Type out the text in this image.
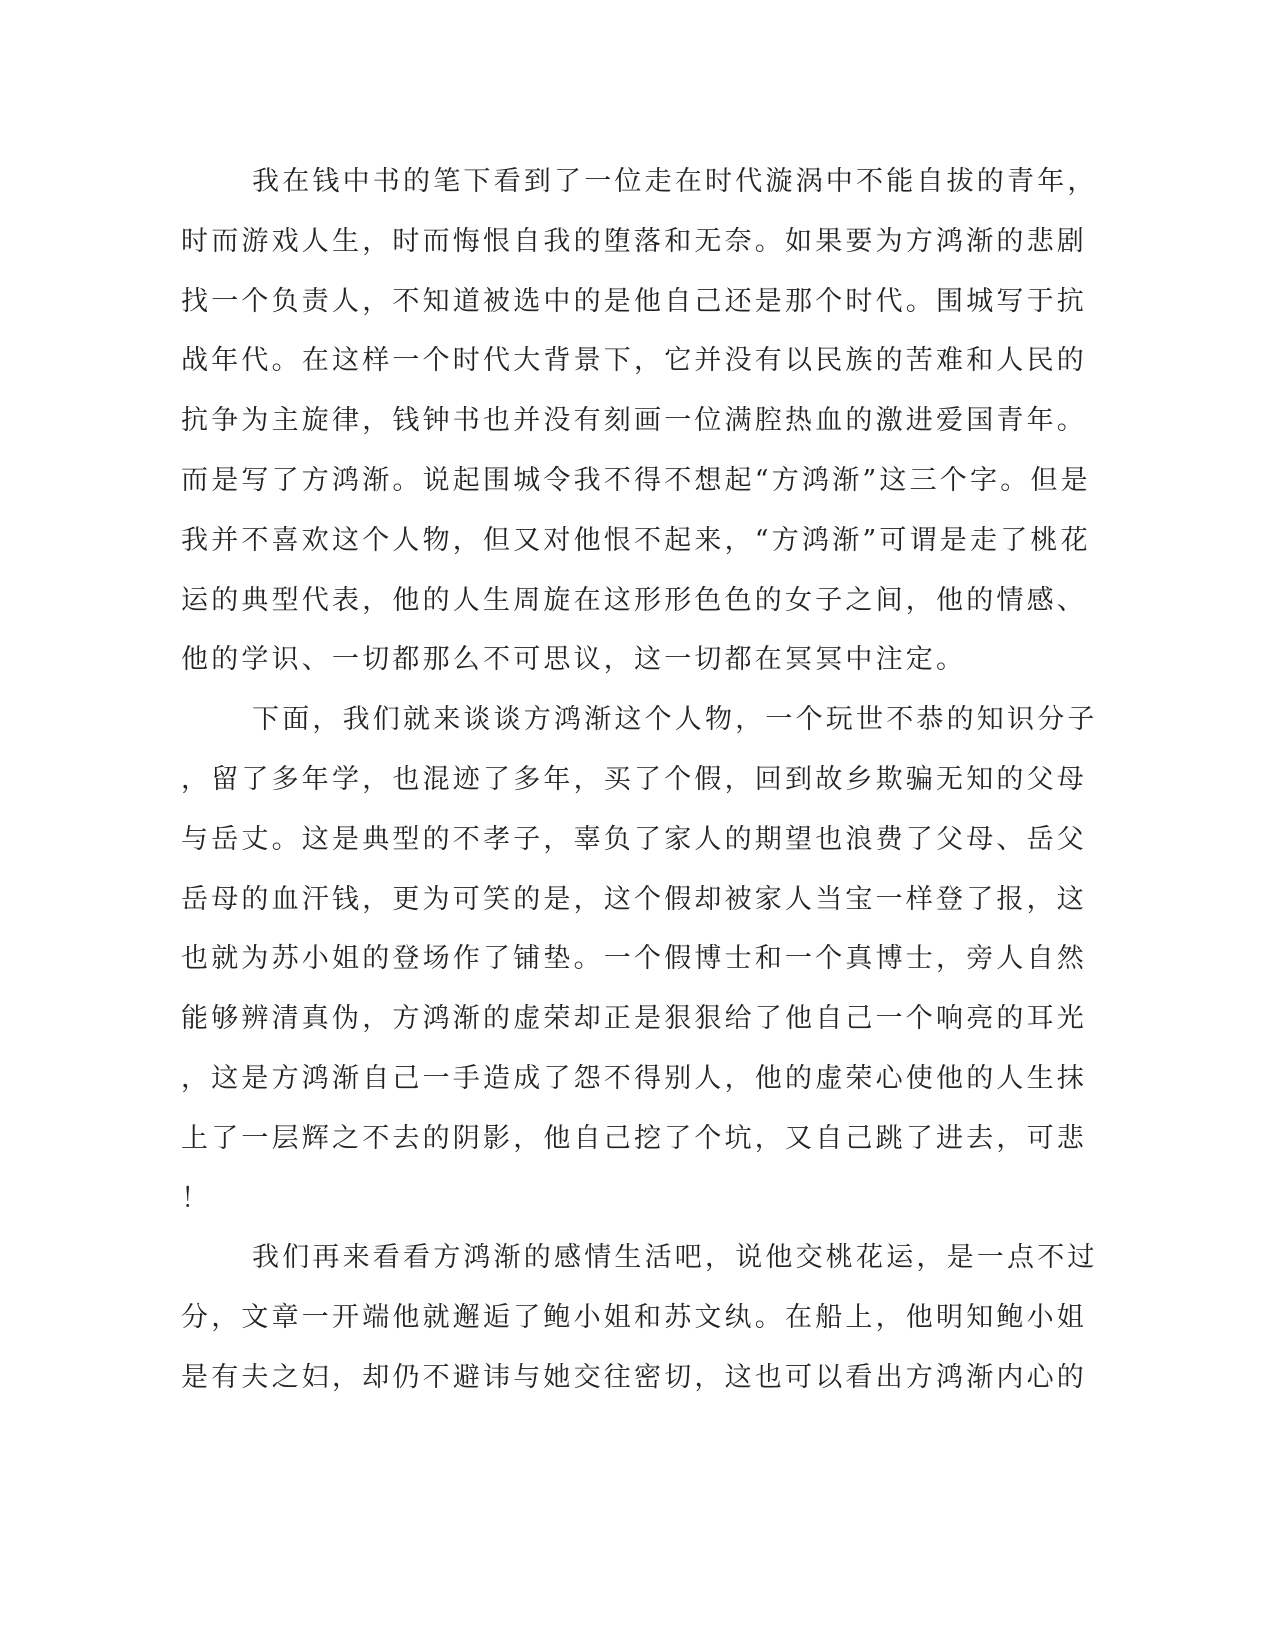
我在钱中书的笔下看到了一位走在时代漩涡中不能自拔的青年，
时而游戏人生，时而悔恨自我的堕落和无奈。如果要为方鸿渐的悲剧
找一个负责人，不知道被选中的是他自己还是那个时代。围城写于抗
战年代。在这样一个时代大背景下，它并没有以民族的苦难和人民的
抗争为主旋律，钱钟书也并没有刻画一位满腔热血的激进爱国青年。
而是写了方鸿渐。说起围城令我不得不想起“方鸿渐”这三个字。但是
我并不喜欢这个人物，但又对他恨不起来，“方鸿渐”可谓是走了桃花
运的典型代表，他的人生周旋在这形形色色的女子之间，他的情感、
他的学识、一切都那么不可思议，这一切都在冥冥中注定。
下面，我们就来谈谈方鸿渐这个人物，一个玩世不恭的知识分子
，留了多年学，也混迹了多年，买了个假，回到故乡欺骗无知的父母
与岳丈。这是典型的不孝子，辜负了家人的期望也浪费了父母、岳父
岳母的血汗钱，更为可笑的是，这个假却被家人当宝一样登了报，这
也就为苏小姐的登场作了铺垫。一个假博士和一个真博士，旁人自然
能够辨清真伪，方鸿渐的虚荣却正是狠狠给了他自己一个响亮的耳光
，这是方鸿渐自己一手造成了怨不得别人，他的虚荣心使他的人生抹
上了一层辉之不去的阴影，他自己挖了个坑，又自己跳了进去，可悲
！
我们再来看看方鸿渐的感情生活吧，说他交桃花运，是一点不过
分，文章一开端他就邂逅了鲍小姐和苏文纨。在船上，他明知鲍小姐
是有夫之妇，却仍不避讳与她交往密切，这也可以看出方鸿渐内心的
